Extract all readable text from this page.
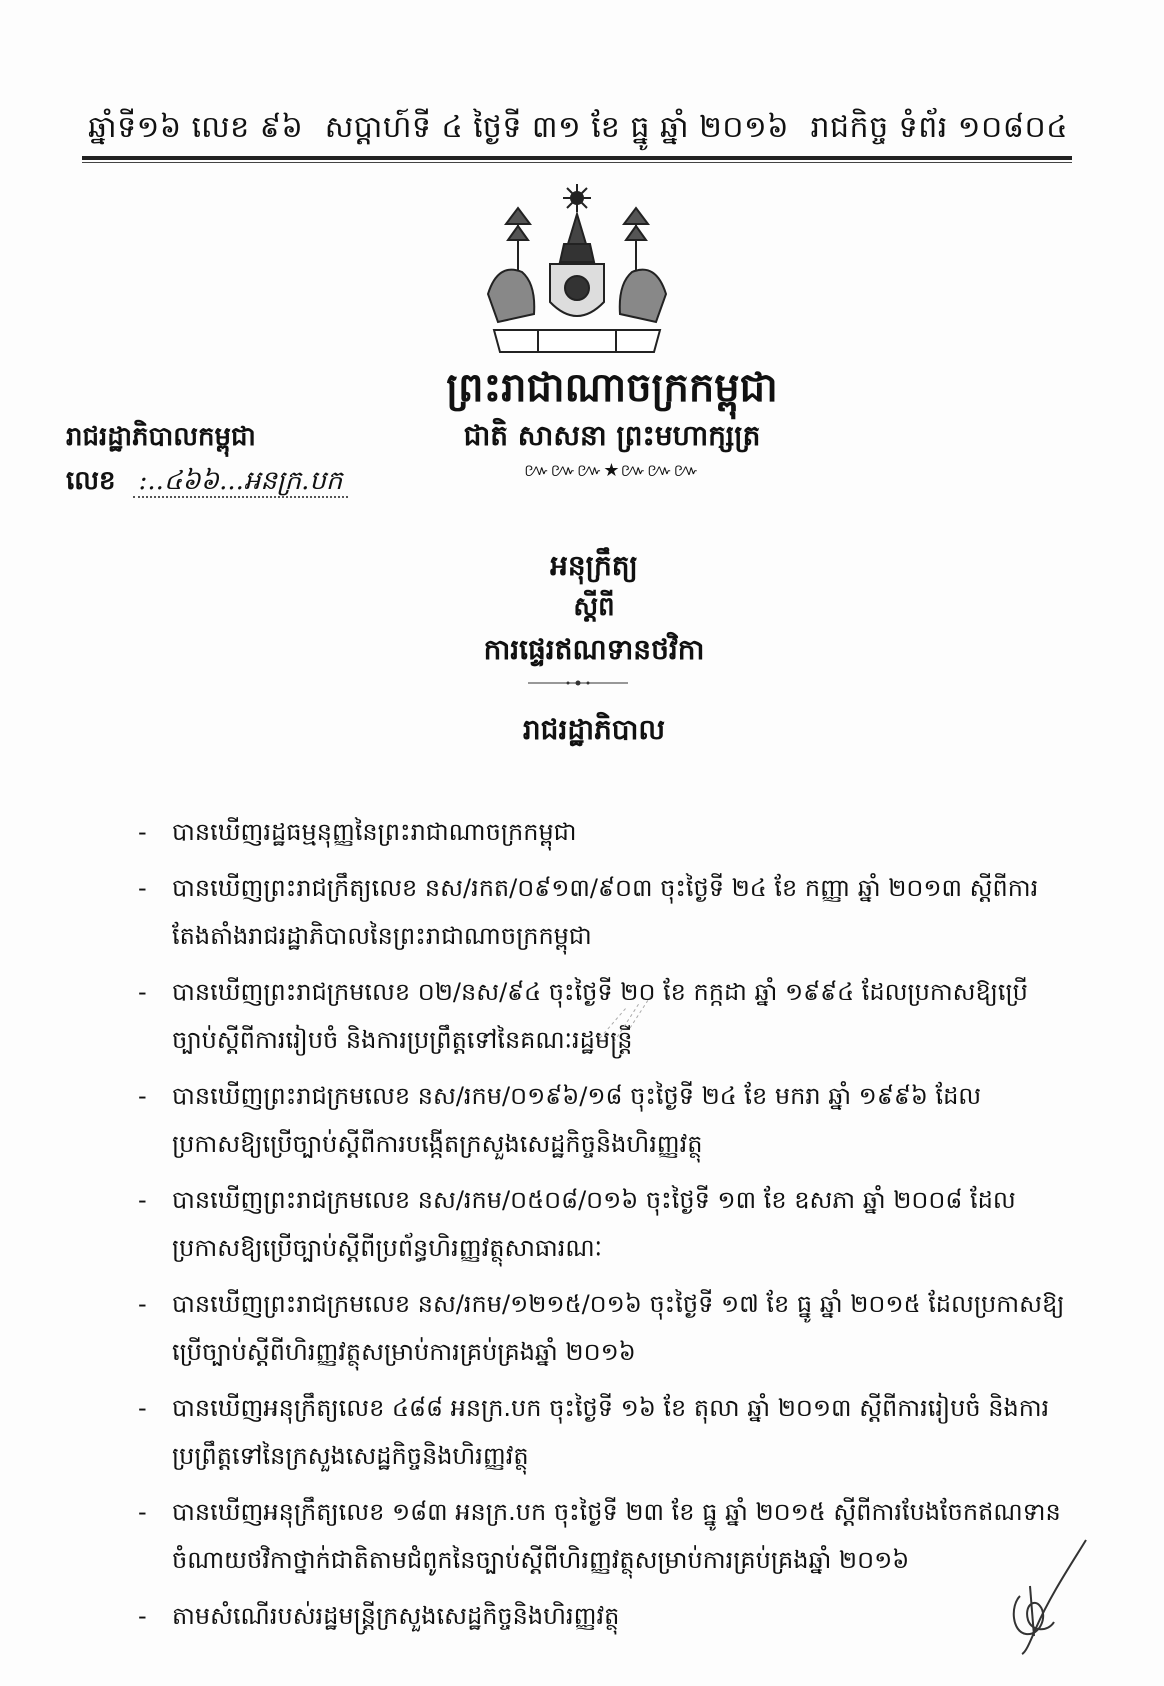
ឆ្នាំទី១៦ លេខ ៩៦ សប្តាហ៍ទី ៤ ថ្ងៃទី ៣១ ខែ ធ្នូ ឆ្នាំ ២០១៦ រាជកិច្ច ទំព័រ ១០៨០៤
ព្រះរាជាណាចក្រកម្ពុជា
ជាតិ សាសនា ព្រះមហាក្សត្រ
៚៚៚★៚៚៚
រាជរដ្ឋាភិបាលកម្ពុជា
លេខ :..៤៦៦...អនក្រ.បក
អនុក្រឹត្យ
ស្តីពី
ការផ្ទេរឥណទានថវិកា
រាជរដ្ឋាភិបាល
- បានឃើញរដ្ឋធម្មនុញ្ញនៃព្រះរាជាណាចក្រកម្ពុជា
- បានឃើញព្រះរាជក្រឹត្យលេខ នស/រកត/០៩១៣/៩០៣ ចុះថ្ងៃទី ២៤ ខែ កញ្ញា ឆ្នាំ ២០១៣ ស្តីពីការតែងតាំងរាជរដ្ឋាភិបាលនៃព្រះរាជាណាចក្រកម្ពុជា
- បានឃើញព្រះរាជក្រមលេខ ០២/នស/៩៤ ចុះថ្ងៃទី ២០ ខែ កក្កដា ឆ្នាំ ១៩៩៤ ដែលប្រកាសឱ្យប្រើច្បាប់ស្តីពីការរៀបចំ និងការប្រព្រឹត្តទៅនៃគណៈរដ្ឋមន្ត្រី
- បានឃើញព្រះរាជក្រមលេខ នស/រកម/០១៩៦/១៨ ចុះថ្ងៃទី ២៤ ខែ មករា ឆ្នាំ ១៩៩៦ ដែលប្រកាសឱ្យប្រើច្បាប់ស្តីពីការបង្កើតក្រសួងសេដ្ឋកិច្ចនិងហិរញ្ញវត្ថុ
- បានឃើញព្រះរាជក្រមលេខ នស/រកម/០៥០៨/០១៦ ចុះថ្ងៃទី ១៣ ខែ ឧសភា ឆ្នាំ ២០០៨ ដែលប្រកាសឱ្យប្រើច្បាប់ស្តីពីប្រព័ន្ធហិរញ្ញវត្ថុសាធារណៈ
- បានឃើញព្រះរាជក្រមលេខ នស/រកម/១២១៥/០១៦ ចុះថ្ងៃទី ១៧ ខែ ធ្នូ ឆ្នាំ ២០១៥ ដែលប្រកាសឱ្យប្រើច្បាប់ស្តីពីហិរញ្ញវត្ថុសម្រាប់ការគ្រប់គ្រងឆ្នាំ ២០១៦
- បានឃើញអនុក្រឹត្យលេខ ៤៨៨ អនក្រ.បក ចុះថ្ងៃទី ១៦ ខែ តុលា ឆ្នាំ ២០១៣ ស្តីពីការរៀបចំ និងការប្រព្រឹត្តទៅនៃក្រសួងសេដ្ឋកិច្ចនិងហិរញ្ញវត្ថុ
- បានឃើញអនុក្រឹត្យលេខ ១៨៣ អនក្រ.បក ចុះថ្ងៃទី ២៣ ខែ ធ្នូ ឆ្នាំ ២០១៥ ស្តីពីការបែងចែកឥណទានចំណាយថវិកាថ្នាក់ជាតិតាមជំពូកនៃច្បាប់ស្តីពីហិរញ្ញវត្ថុសម្រាប់ការគ្រប់គ្រងឆ្នាំ ២០១៦
- តាមសំណើរបស់រដ្ឋមន្ត្រីក្រសួងសេដ្ឋកិច្ចនិងហិរញ្ញវត្ថុ
